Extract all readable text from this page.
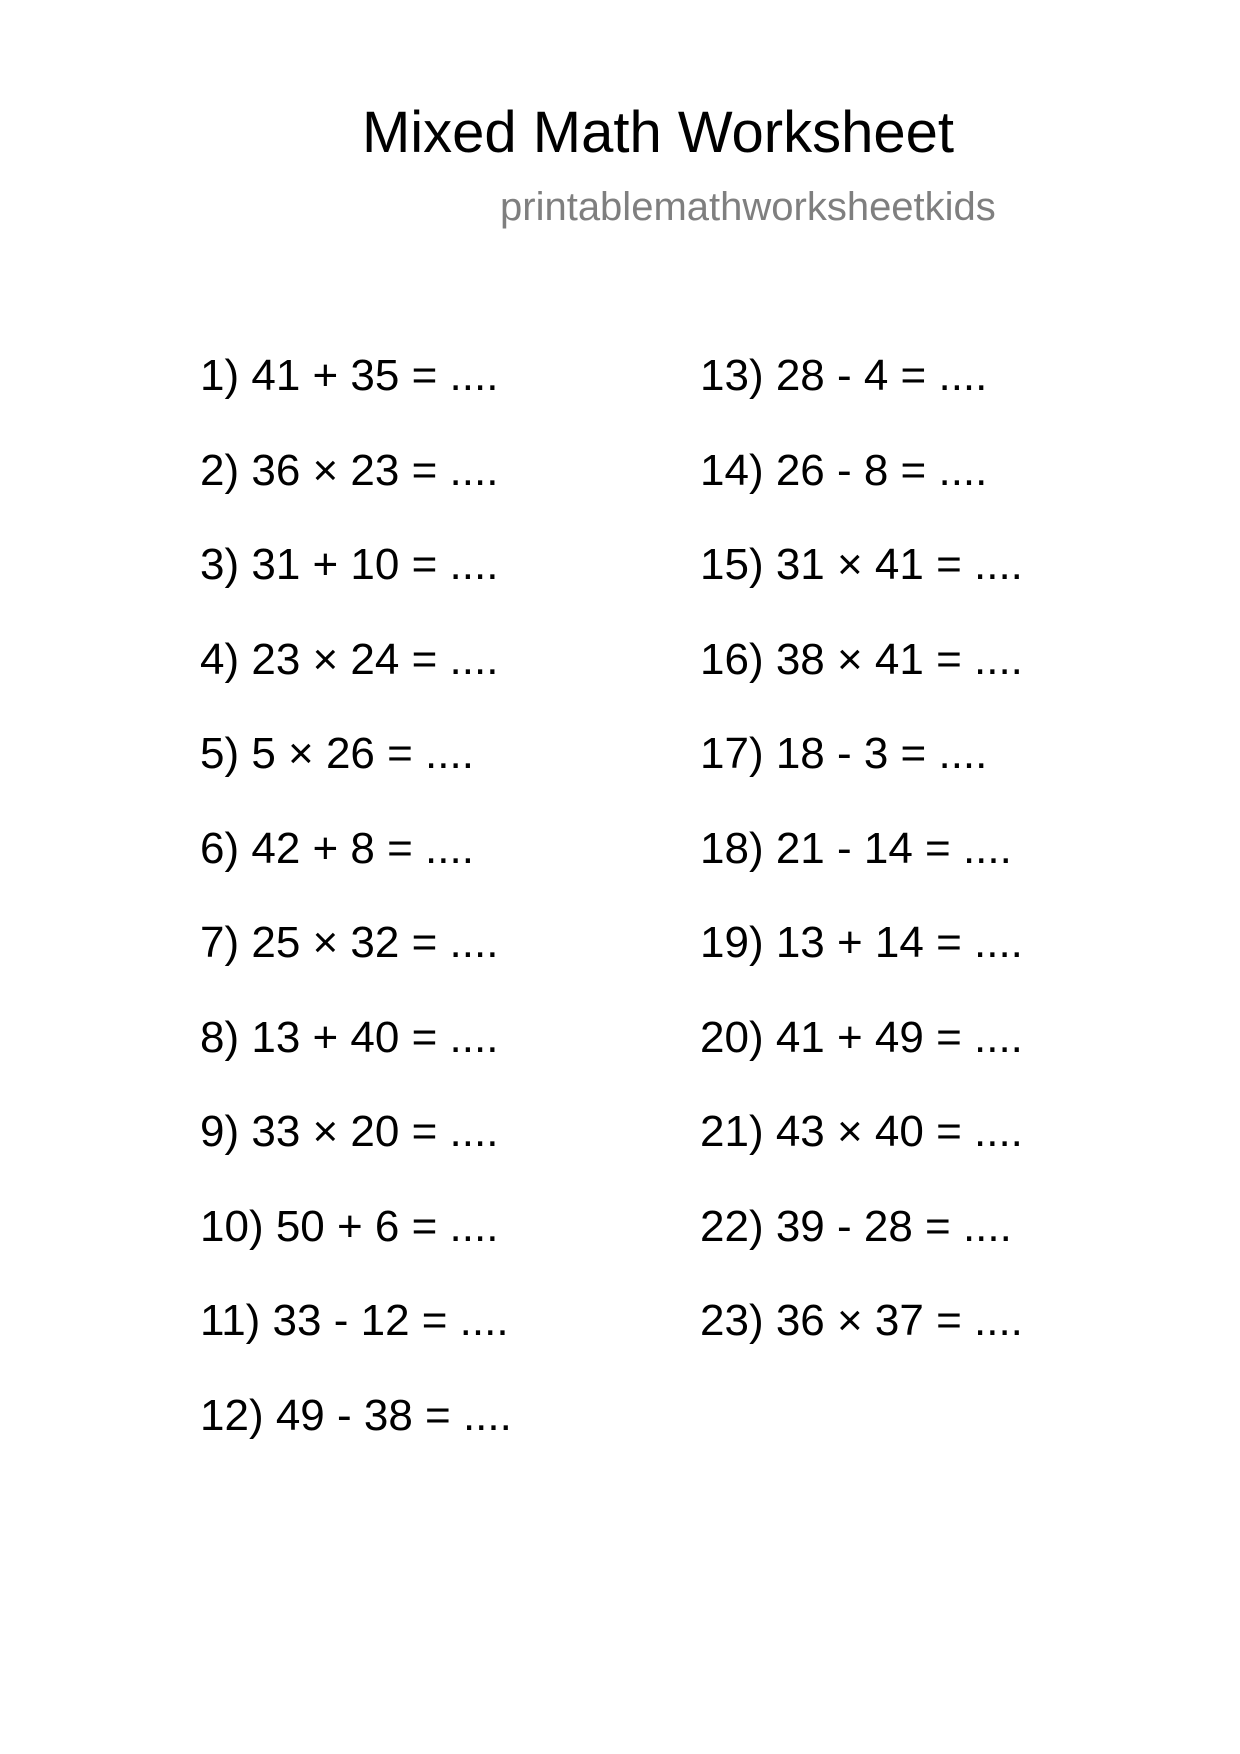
Mixed Math Worksheet

printablemathworksheetkids

1) 41 + 35 = ....
2) 36 × 23 = ....
3) 31 + 10 = ....
4) 23 × 24 = ....
5) 5 × 26 = ....
6) 42 + 8 = ....
7) 25 × 32 = ....
8) 13 + 40 = ....
9) 33 × 20 = ....
10) 50 + 6 = ....
11) 33 - 12 = ....
12) 49 - 38 = ....
13) 28 - 4 = ....
14) 26 - 8 = ....
15) 31 × 41 = ....
16) 38 × 41 = ....
17) 18 - 3 = ....
18) 21 - 14 = ....
19) 13 + 14 = ....
20) 41 + 49 = ....
21) 43 × 40 = ....
22) 39 - 28 = ....
23) 36 × 37 = ....
